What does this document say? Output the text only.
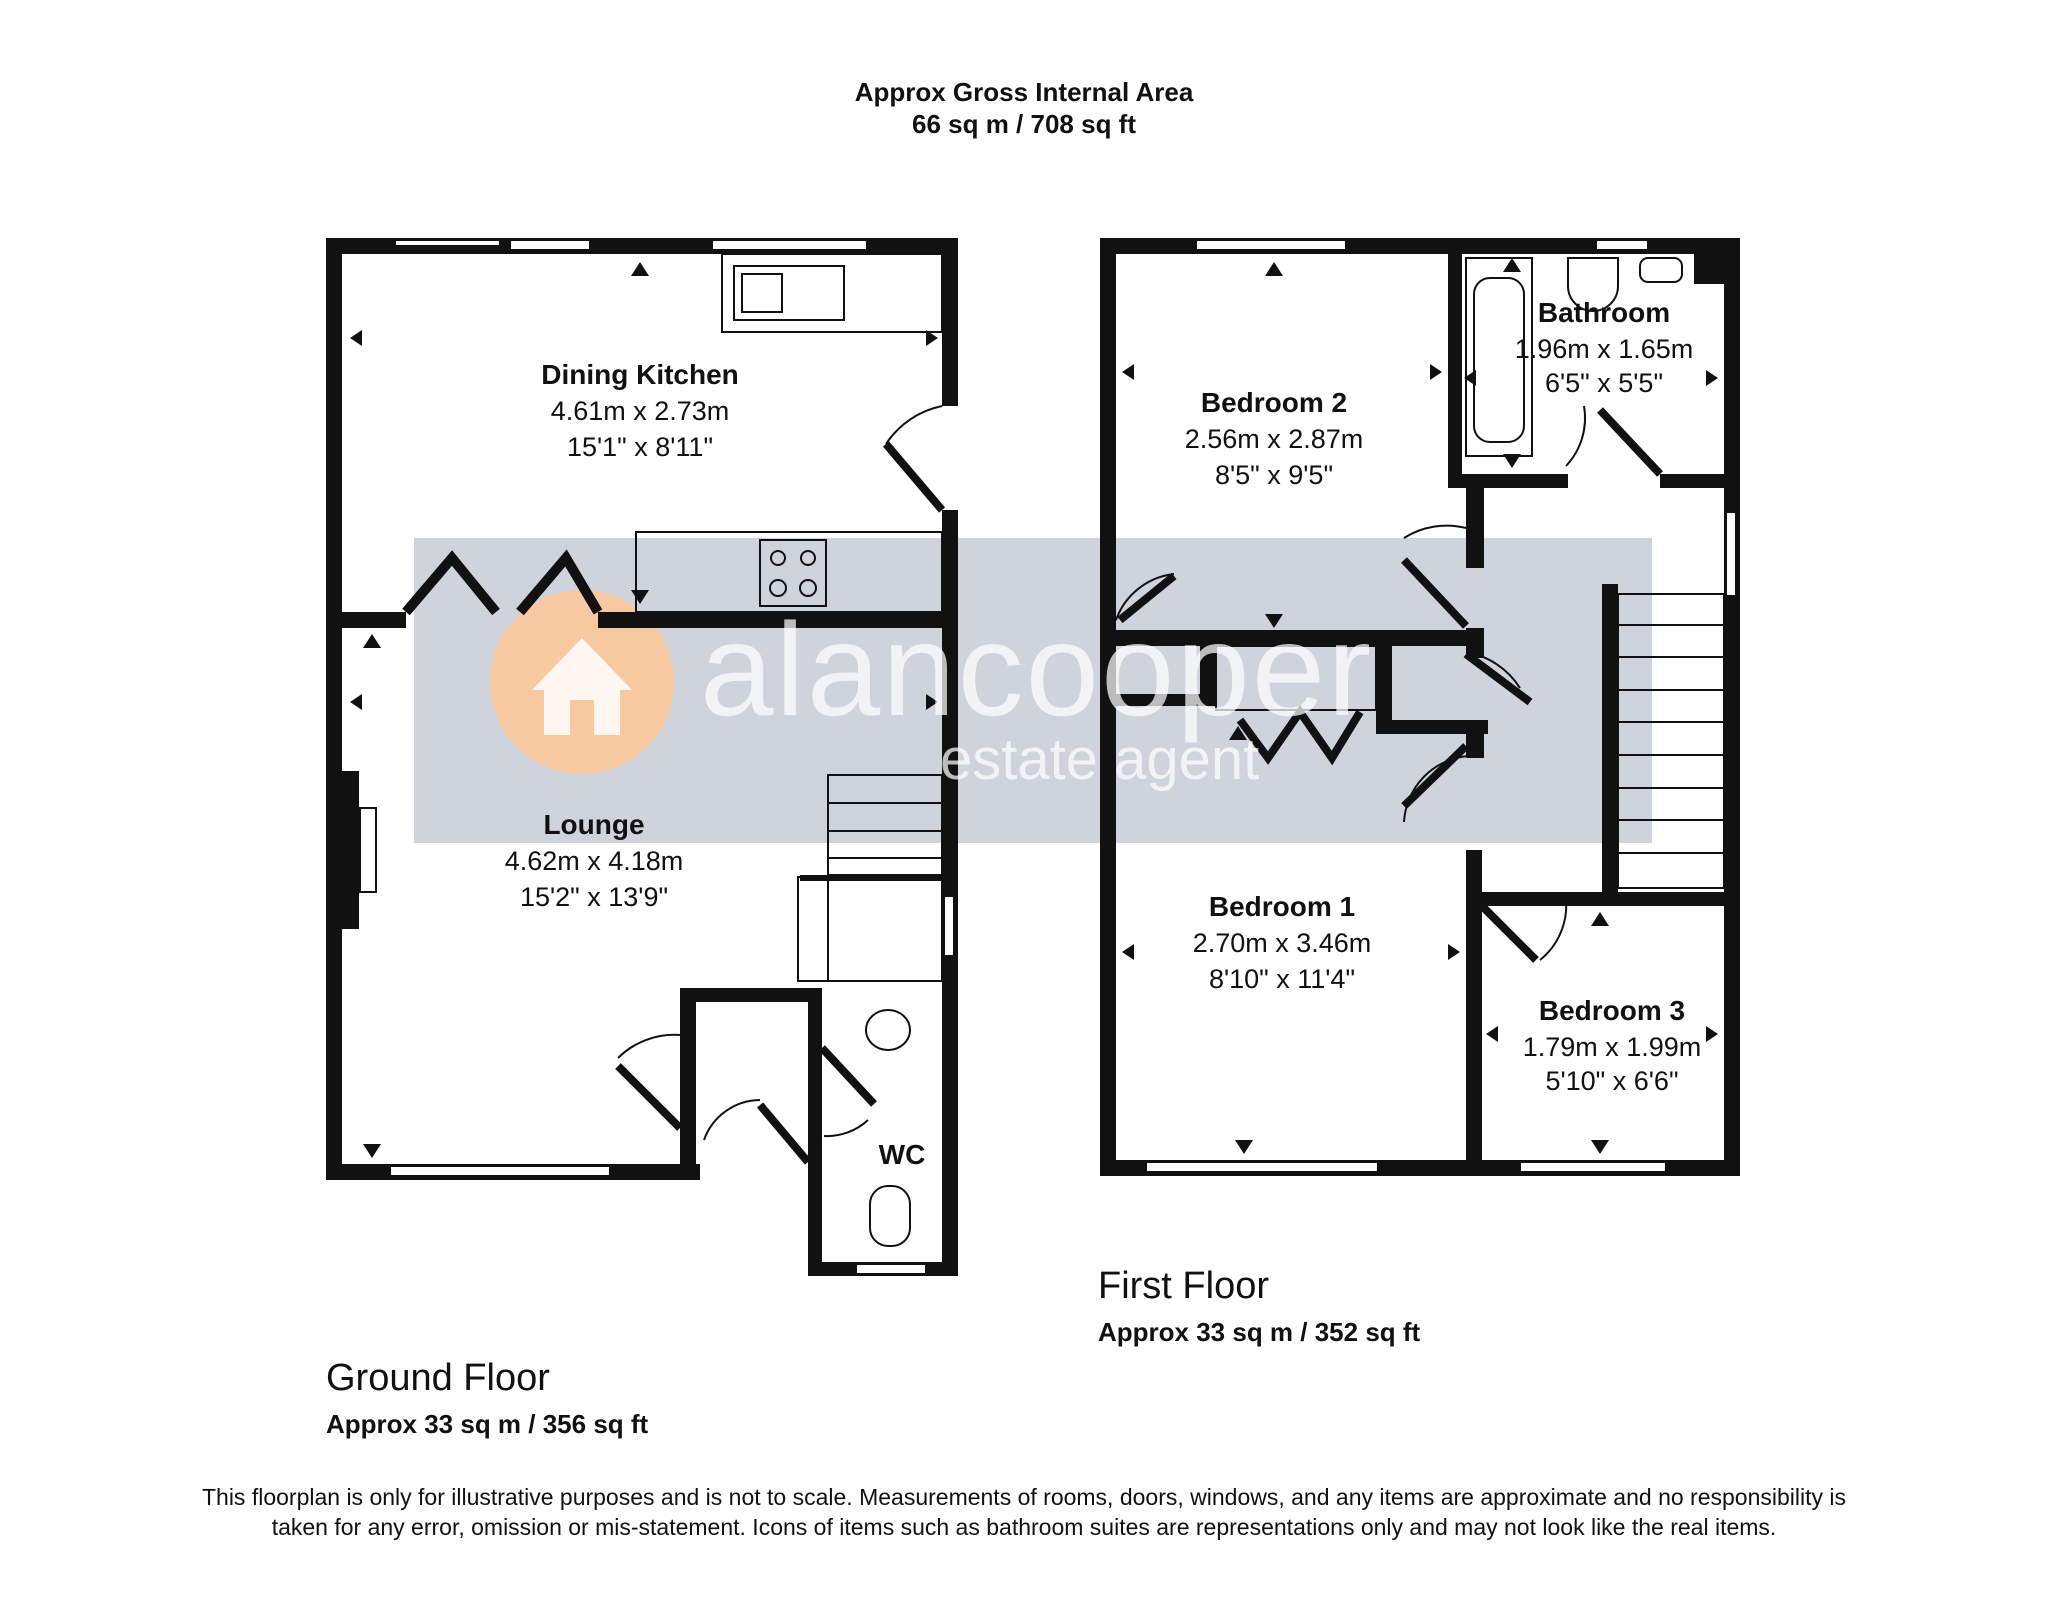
alancooper
estate agent
Approx Gross Internal Area
66 sq m / 708 sq ft
Dining Kitchen
4.61m x 2.73m
15'1" x 8'11"
Lounge
4.62m x 4.18m
15'2" x 13'9"
WC
Bedroom 2
2.56m x 2.87m
8'5" x 9'5"
Bathroom
1.96m x 1.65m
6'5" x 5'5"
Bedroom 1
2.70m x 3.46m
8'10" x 11'4"
Bedroom 3
1.79m x 1.99m
5'10" x 6'6"
Ground Floor
Approx 33 sq m / 356 sq ft
First Floor
Approx 33 sq m / 352 sq ft
This floorplan is only for illustrative purposes and is not to scale. Measurements of rooms, doors, windows, and any items are approximate and no responsibility is taken for any error, omission or mis-statement. Icons of items such as bathroom suites are representations only and may not look like the real items.
